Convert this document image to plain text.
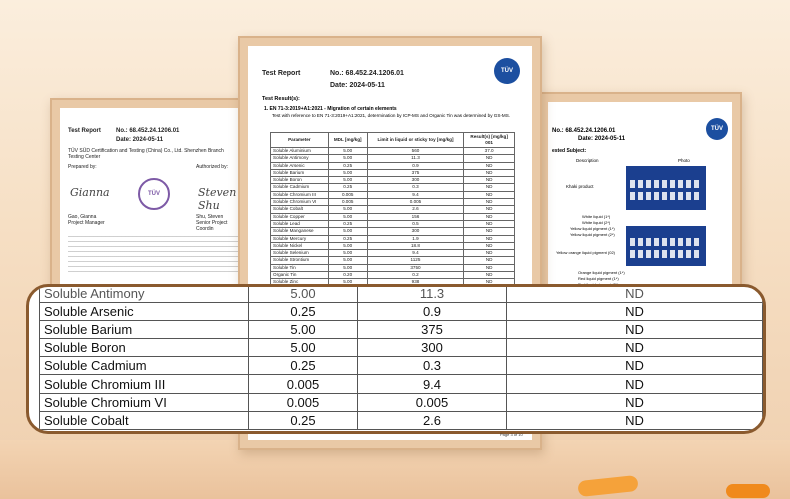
Test Report	No.: 68.452.24.1206.01
Date: 2024-05-11
TÜV SÜD Certification and Testing (China) Co., Ltd. Shenzhen Branch Testing Center
Prepared by:	Authorized by:
Gianna	TÜV	Steven Shu
Gao, Gianna
Project Manager
Shu, Steven
Senior Project Coordin
No.: 68.452.24.1206.01
Date: 2024-05-11
TÜV
ested Subject:
Description	Photo
Khaki product
White liquid (1*)
White liquid (2*)
Yellow liquid pigment (1*)
Yellow liquid pigment (2*)
Yellow orange liquid pigment (02)
Orange liquid pigment (1*)
Red liquid pigment (1*)
Test Report	No.: 68.452.24.1206.01
Date: 2024-05-11
TÜV
Test Result(s):
1. EN 71-3:2019+A1:2021 - Migration of certain elements
Test with reference to EN 71-3:2019+A1:2021, determination by ICP-MS and Organic Tin was determined by GS-MS.
Parameter	MDL [mg/kg]	Limit in liquid or sticky toy [mg/kg]	Result(s) [mg/kg]
001
Soluble Aluminium	5.00	560	37.0
Soluble Antimony	5.00	11.3	ND
Soluble Arsenic	0.25	0.9	ND
Soluble Barium	5.00	375	ND
Soluble Boron	5.00	300	ND
Soluble Cadmium	0.25	0.3	ND
Soluble Chromium III	0.005	9.4	ND
Soluble Chromium VI	0.005	0.005	ND
Soluble Cobalt	5.00	2.6	ND
Soluble Copper	5.00	156	ND
Soluble Lead	0.25	0.5	ND
Soluble Manganese	5.00	300	ND
Soluble Mercury	0.25	1.9	ND
Soluble Nickel	5.00	18.8	ND
Soluble Selenium	5.00	9.4	ND
Soluble Strontium	5.00	1125	ND
Soluble Tin	5.00	3750	ND
Organic Tin	0.20	0.2	ND
Soluble Zinc	5.00	938	ND

Soluble Antimony	5.00	11.3	ND
Soluble Arsenic	0.25	0.9	ND
Soluble Barium	5.00	375	ND
Soluble Boron	5.00	300	ND
Soluble Cadmium	0.25	0.3	ND
Soluble Chromium III	0.005	9.4	ND
Soluble Chromium VI	0.005	0.005	ND
Soluble Cobalt	0.25	2.6	ND
Page 3 of 10
